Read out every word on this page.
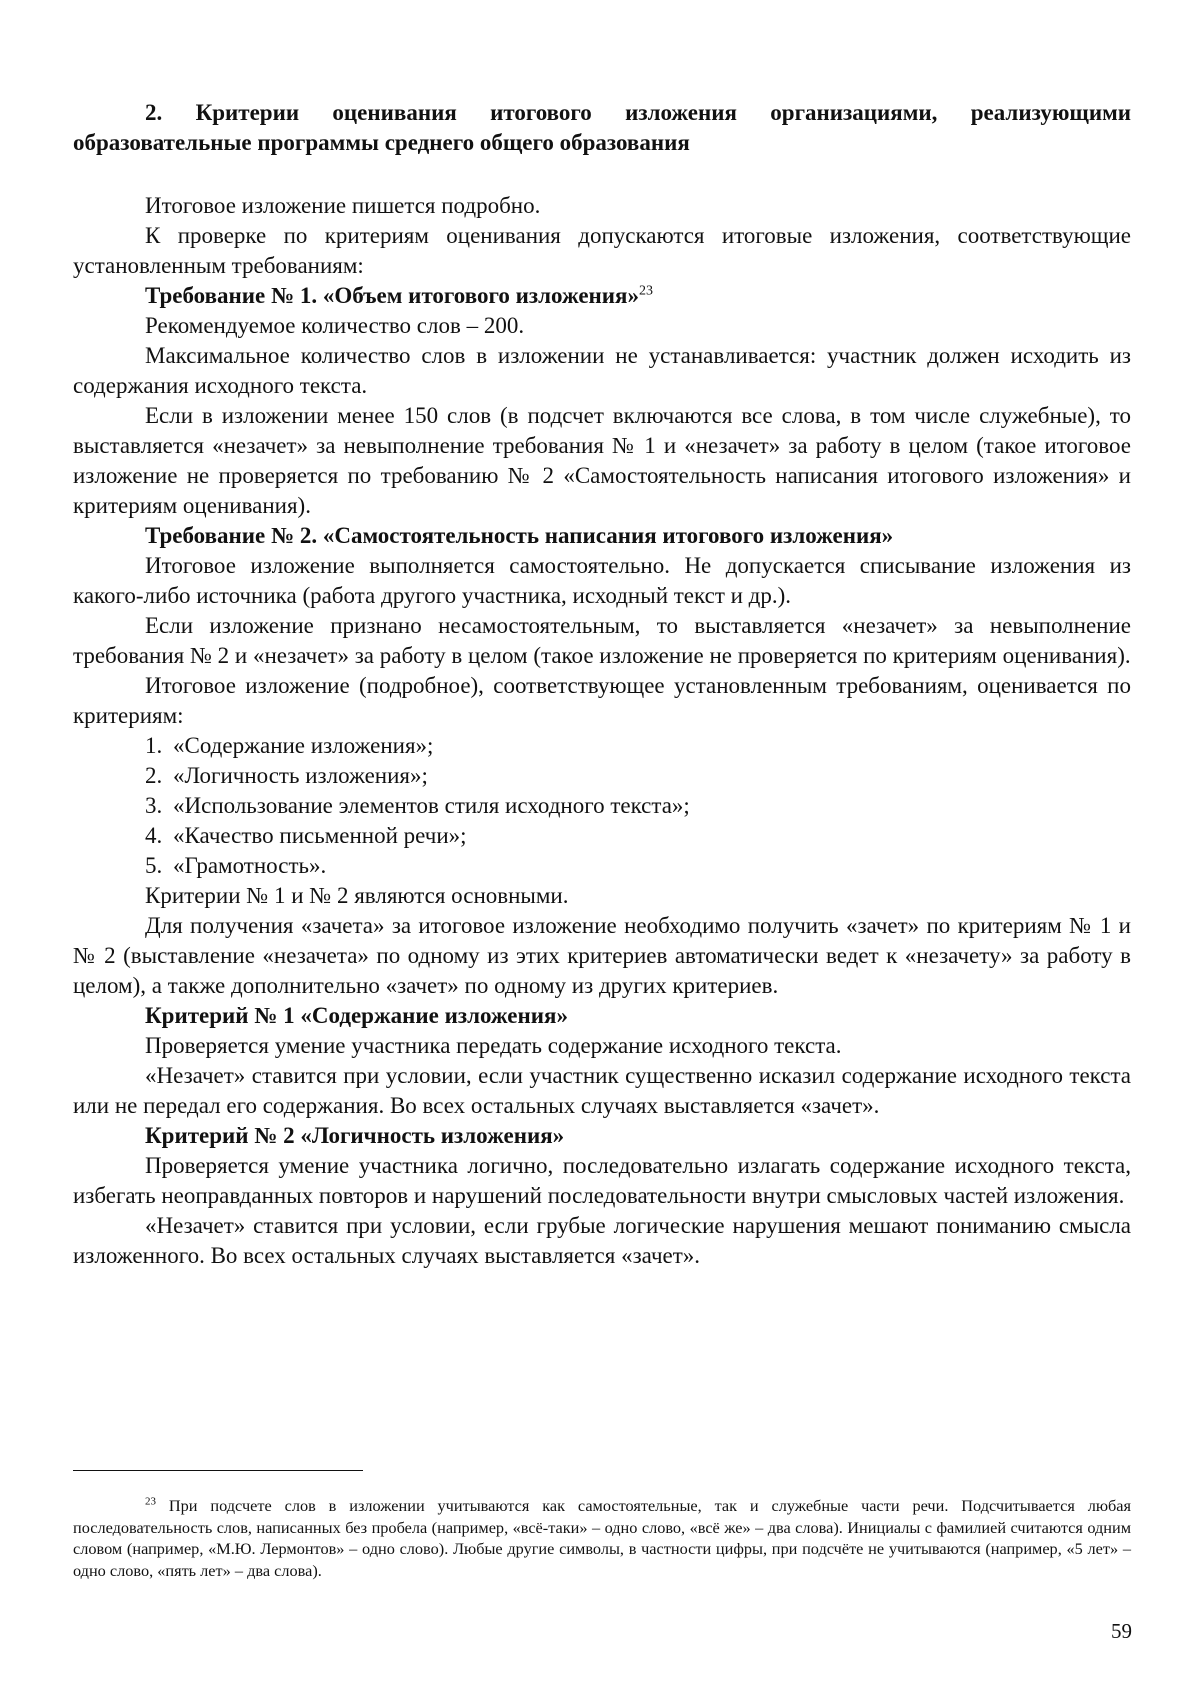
2. Критерии оценивания итогового изложения организациями, реализующими образовательные программы среднего общего образования

Итоговое изложение пишется подробно.

К проверке по критериям оценивания допускаются итоговые изложения, соответствующие установленным требованиям:

Требование № 1. «Объем итогового изложения»$^{23}$

Рекомендуемое количество слов – 200.

Максимальное количество слов в изложении не устанавливается: участник должен исходить из содержания исходного текста.

Если в изложении менее 150 слов (в подсчет включаются все слова, в том числе служебные), то выставляется «незачет» за невыполнение требования № 1 и «незачет» за работу в целом (такое итоговое изложение не проверяется по требованию № 2 «Самостоятельность написания итогового изложения» и критериям оценивания).

Требование № 2. «Самостоятельность написания итогового изложения»

Итоговое изложение выполняется самостоятельно. Не допускается списывание изложения из какого-либо источника (работа другого участника, исходный текст и др.).

Если изложение признано несамостоятельным, то выставляется «незачет» за невыполнение требования № 2 и «незачет» за работу в целом (такое изложение не проверяется по критериям оценивания).

Итоговое изложение (подробное), соответствующее установленным требованиям, оценивается по критериям:

1. «Содержание изложения»;
2. «Логичность изложения»;
3. «Использование элементов стиля исходного текста»;
4. «Качество письменной речи»;
5. «Грамотность».

Критерии № 1 и № 2 являются основными.

Для получения «зачета» за итоговое изложение необходимо получить «зачет» по критериям № 1 и № 2 (выставление «незачета» по одному из этих критериев автоматически ведет к «незачету» за работу в целом), а также дополнительно «зачет» по одному из других критериев.

Критерий № 1 «Содержание изложения»

Проверяется умение участника передать содержание исходного текста.

«Незачет» ставится при условии, если участник существенно исказил содержание исходного текста или не передал его содержания. Во всех остальных случаях выставляется «зачет».

Критерий № 2 «Логичность изложения»

Проверяется умение участника логично, последовательно излагать содержание исходного текста, избегать неоправданных повторов и нарушений последовательности внутри смысловых частей изложения.

«Незачет» ставится при условии, если грубые логические нарушения мешают пониманию смысла изложенного. Во всех остальных случаях выставляется «зачет».

$^{23}$ При подсчете слов в изложении учитываются как самостоятельные, так и служебные части речи. Подсчитывается любая последовательность слов, написанных без пробела (например, «всё-таки» – одно слово, «всё же» – два слова). Инициалы с фамилией считаются одним словом (например, «М.Ю. Лермонтов» – одно слово). Любые другие символы, в частности цифры, при подсчёте не учитываются (например, «5 лет» – одно слово, «пять лет» – два слова).

59
